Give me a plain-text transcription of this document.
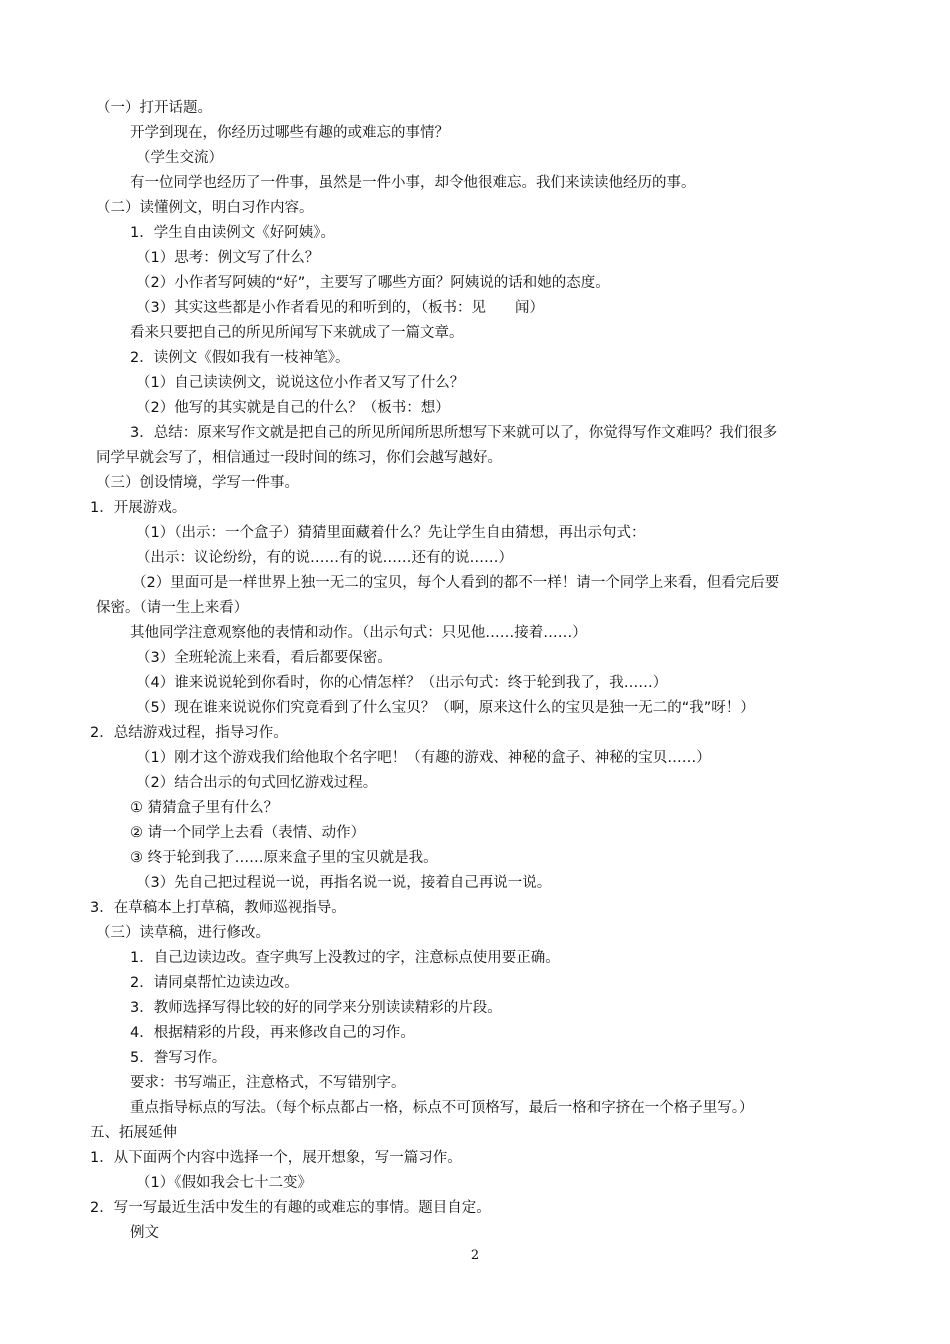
（一）打开话题。
开学到现在，你经历过哪些有趣的或难忘的事情？
（学生交流）
有一位同学也经历了一件事，虽然是一件小事，却令他很难忘。我们来读读他经历的事。
（二）读懂例文，明白习作内容。
1．学生自由读例文《好阿姨》。
（1）思考：例文写了什么？
（2）小作者写阿姨的“好”，主要写了哪些方面？阿姨说的话和她的态度。
（3）其实这些都是小作者看见的和听到的，（板书：见　　闻）
看来只要把自己的所见所闻写下来就成了一篇文章。
2．读例文《假如我有一枝神笔》。
（1）自己读读例文，说说这位小作者又写了什么？
（2）他写的其实就是自己的什么？（板书：想）
3．总结：原来写作文就是把自己的所见所闻所思所想写下来就可以了，你觉得写作文难吗？我们很多
同学早就会写了，相信通过一段时间的练习，你们会越写越好。
（三）创设情境，学写一件事。
1．开展游戏。
（1）（出示：一个盒子）猜猜里面藏着什么？先让学生自由猜想，再出示句式：
（出示：议论纷纷，有的说……有的说……还有的说……）
（2）里面可是一样世界上独一无二的宝贝，每个人看到的都不一样！请一个同学上来看，但看完后要
保密。（请一生上来看）
其他同学注意观察他的表情和动作。（出示句式：只见他……接着……）
（3）全班轮流上来看，看后都要保密。
（4）谁来说说轮到你看时，你的心情怎样？（出示句式：终于轮到我了，我……）
（5）现在谁来说说你们究竟看到了什么宝贝？（啊，原来这什么的宝贝是独一无二的“我”呀！）
2．总结游戏过程，指导习作。
（1）刚才这个游戏我们给他取个名字吧！（有趣的游戏、神秘的盒子、神秘的宝贝……）
（2）结合出示的句式回忆游戏过程。
① 猜猜盒子里有什么？
② 请一个同学上去看（表情、动作）
③ 终于轮到我了……原来盒子里的宝贝就是我。
（3）先自己把过程说一说，再指名说一说，接着自己再说一说。
3．在草稿本上打草稿，教师巡视指导。
（三）读草稿，进行修改。
1．自己边读边改。查字典写上没教过的字，注意标点使用要正确。
2．请同桌帮忙边读边改。
3．教师选择写得比较的好的同学来分别读读精彩的片段。
4．根据精彩的片段，再来修改自己的习作。
5．誊写习作。
要求：书写端正，注意格式，不写错别字。
重点指导标点的写法。（每个标点都占一格，标点不可顶格写，最后一格和字挤在一个格子里写。）
五、拓展延伸
1．从下面两个内容中选择一个，展开想象，写一篇习作。
（1）《假如我会七十二变》
2．写一写最近生活中发生的有趣的或难忘的事情。题目自定。
例文
2
